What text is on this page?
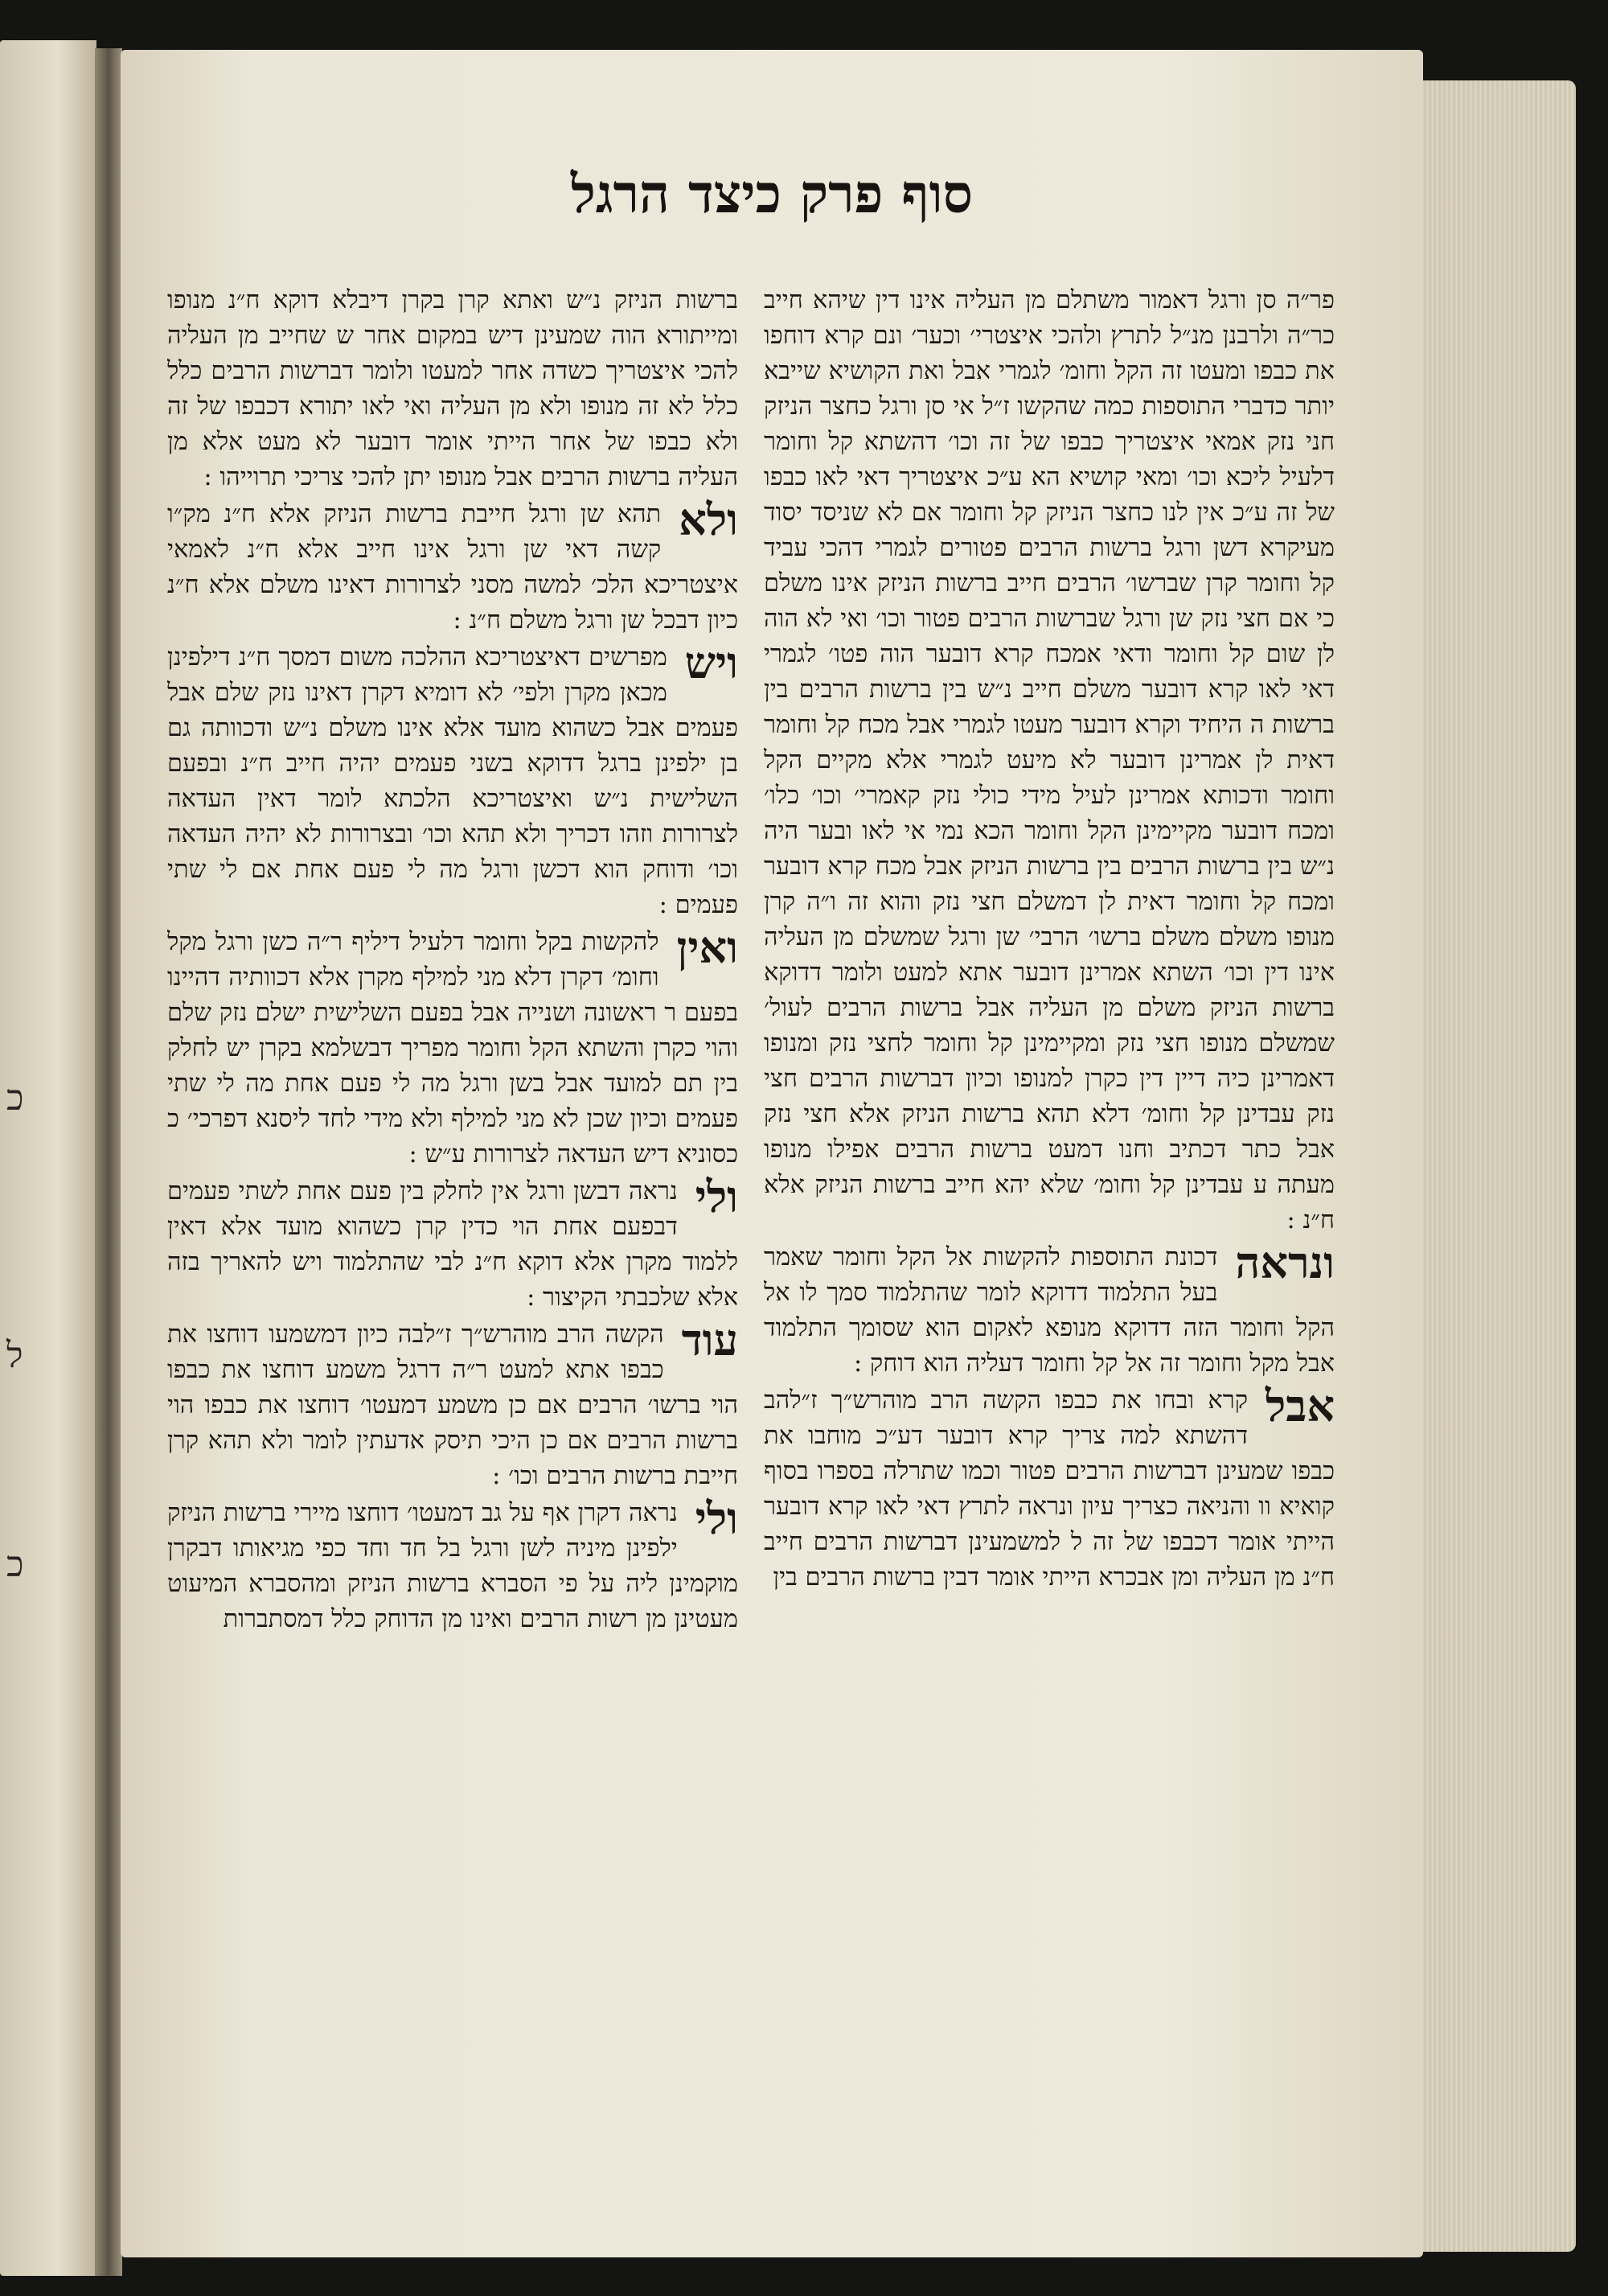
כ
ל
כ
סוף פרק כיצד הרגל

פר״ה סן ורגל דאמור משתלם מן העליה אינו דין שיהא חייב כר״ה ולרבנן מנ״ל לתרץ ולהכי איצטרי׳ וכער׳ ונם קרא דוחפו את כבפו ומעטו זה הקל וחומ׳ לגמרי אבל ואת הקושיא שייבא יותר כדברי התוספות כמה שהקשו ז״ל אי סן ורגל כחצר הניזק חני נזק אמאי איצטריך כבפו של זה וכו׳ דהשתא קל וחומר דלעיל ליכא וכו׳ ומאי קושיא הא ע״כ איצטריך דאי לאו כבפו של זה ע״כ אין לנו כחצר הניזק קל וחומר אם לא שניסד יסוד מעיקרא דשן ורגל ברשות הרבים פטורים לגמרי דהכי עביד קל וחומר קרן שברשו׳ הרבים חייב ברשות הניזק אינו משלם כי אם חצי נזק שן ורגל שברשות הרבים פטור וכו׳ ואי לא הוה לן שום קל וחומר ודאי אמכח קרא דובער הוה פטו׳ לגמרי דאי לאו קרא דובער משלם חייב נ״ש בין ברשות הרבים בין ברשות ה היחיד וקרא דובער מעטו לגמרי אבל מכח קל וחומר דאית לן אמרינן דובער לא מיעט לגמרי אלא מקיים הקל וחומר ודכותא אמרינן לעיל מידי כולי נזק קאמרי׳ וכו׳ כלו׳ ומכח דובער מקיימינן הקל וחומר הכא נמי אי לאו ובער היה נ״ש בין ברשות הרבים בין ברשות הניזק אבל מכח קרא דובער ומכח קל וחומר דאית לן דמשלם חצי נזק והוא זה ו״ה קרן מנופו משלם משלם ברשו׳ הרבי׳ שן ורגל שמשלם מן העליה אינו דין וכו׳ השתא אמרינן דובער אתא למעט ולומר דדוקא ברשות הניזק משלם מן העליה אבל ברשות הרבים לעול׳ שמשלם מנופו חצי נזק ומקיימינן קל וחומר לחצי נזק ומנופו דאמרינן כיה דיין דין כקרן למנופו וכיון דברשות הרבים חצי נזק עבדינן קל וחומ׳ דלא תהא ברשות הניזק אלא חצי נזק אבל כתר דכתיב וחנו דמעט ברשות הרבים אפילו מנופו מעתה ע עבדינן קל וחומ׳ שלא יהא חייב ברשות הניזק אלא ח״נ :

ונראה
דכונת התוספות להקשות אל הקל וחומר שאמר בעל התלמוד דדוקא לומר שהתלמוד סמך לו אל הקל וחומר הזה דדוקא מנופא לאקום הוא שסומך התלמוד אבל מקל וחומר זה אל קל וחומר דעליה הוא דוחק :

אבל
קרא ובחו את כבפו הקשה הרב מוהרש״ך ז״להב דהשתא למה צריך קרא דובער דע״כ מוחבו את כבפו שמעינן דברשות הרבים פטור וכמו שתרלה בספרו בסוף קואיא וו והניאה כצריך עיון ונראה לתרץ דאי לאו קרא דובער הייתי אומר דכבפו של זה ל למשמעינן דברשות הרבים חייב ח״נ מן העליה ומן אבכרא הייתי אומר דבין ברשות הרבים בין

ברשות הניזק נ״ש ואתא קרן בקרן דיבלא דוקא ח״נ מנופו ומייתורא הוה שמעינן דיש במקום אחר ש שחייב מן העליה להכי איצטריך כשדה אחר למעטו ולומר דברשות הרבים כלל כלל לא זה מנופו ולא מן העליה ואי לאו יתורא דכבפו של זה ולא כבפו של אחר הייתי אומר דובער לא מעט אלא מן העליה ברשות הרבים אבל מנופו יתן להכי צריכי תרוייהו :

ולא
תהא שן ורגל חייבת ברשות הניזק אלא ח״נ מק״ו קשה דאי שן ורגל אינו חייב אלא ח״נ לאמאי איצטריכא הלכ׳ למשה מסני לצרורות דאינו משלם אלא ח״נ כיון דבכל שן ורגל משלם ח״נ :

ויש
מפרשים דאיצטריכא ההלכה משום דמסך ח״נ דילפינן מכאן מקרן ולפי׳ לא דומיא דקרן דאינו נזק שלם אבל פעמים אבל כשהוא מועד אלא אינו משלם נ״ש ודכוותה גם בן ילפינן ברגל דדוקא בשני פעמים יהיה חייב ח״נ ובפעם השלישית נ״ש ואיצטריכא הלכתא לומר דאין העדאה לצרורות וזהו דכריך ולא תהא וכו׳ ובצרורות לא יהיה העדאה וכו׳ ודוחק הוא דכשן ורגל מה לי פעם אחת אם לי שתי פעמים :

ואין
להקשות בקל וחומר דלעיל דיליף ר״ה כשן ורגל מקל וחומ׳ דקרן דלא מני למילף מקרן אלא דכוותיה דהיינו בפעם ר ראשונה ושנייה אבל בפעם השלישית ישלם נזק שלם והוי כקרן והשתא הקל וחומר מפריך דבשלמא בקרן יש לחלק בין תם למועד אבל בשן ורגל מה לי פעם אחת מה לי שתי פעמים וכיון שכן לא מני למילף ולא מידי לחד ליסנא דפרכי׳ כ כסוניא דיש העדאה לצרורות ע״ש :

ולי
נראה דבשן ורגל אין לחלק בין פעם אחת לשתי פעמים דבפעם אחת הוי כדין קרן כשהוא מועד אלא דאין ללמוד מקרן אלא דוקא ח״נ לבי שהתלמוד ויש להאריך בזה אלא שלכבתי הקיצור :

עוד
הקשה הרב מוהרש״ך ז״לבה כיון דמשמעו דוחצו את כבפו אתא למעט ר״ה דרגל משמע דוחצו את כבפו הוי ברשו׳ הרבים אם כן משמע דמעטו׳ דוחצו את כבפו הוי ברשות הרבים אם כן היכי תיסק אדעתין לומר ולא תהא קרן חייבת ברשות הרבים וכו׳ :

ולי
נראה דקרן אף על גב דמעטו׳ דוחצו מיירי ברשות הניזק ילפינן מיניה לשן ורגל בל חד וחד כפי מגיאותו דבקרן מוקמינן ליה על פי הסברא ברשות הניזק ומהסברא המיעוט מעטינן מן רשות הרבים ואינו מן הדוחק כלל דמסתברות
